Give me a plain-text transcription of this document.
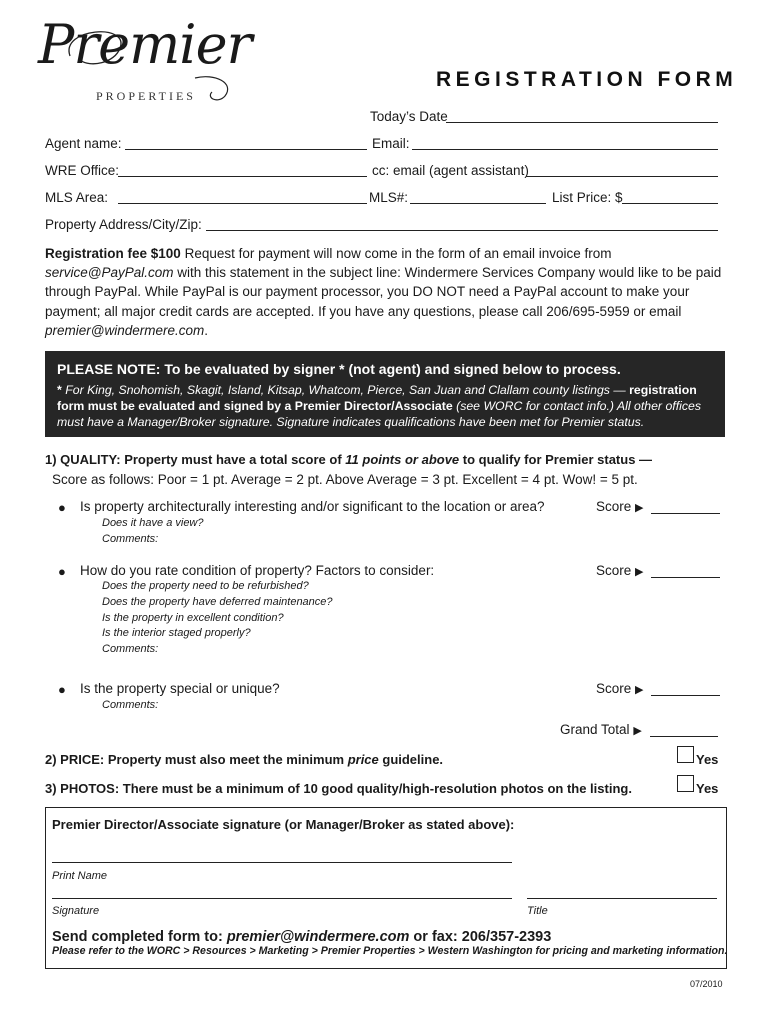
Premier
PROPERTIES
REGISTRATION FORM
Today’s Date
Agent name:	Email:
WRE Office:	cc: email (agent assistant)
MLS Area:	MLS#:	List Price: $
Property Address/City/Zip:
Registration fee $100 Request for payment will now come in the form of an email invoice from
service@PayPal.com with this statement in the subject line: Windermere Services Company would like to be paid through PayPal. While PayPal is our payment processor, you DO NOT need a PayPal account to make your payment; all major credit cards are accepted. If you have any questions, please call 206/695-5959 or email premier@windermere.com.
PLEASE NOTE: To be evaluated by signer * (not agent) and signed below to process.
* For King, Snohomish, Skagit, Island, Kitsap, Whatcom, Pierce, San Juan and Clallam county listings — registration form must be evaluated and signed by a Premier Director/Associate (see WORC for contact info.) All other offices must have a Manager/Broker signature. Signature indicates qualifications have been met for Premier status.
1) QUALITY: Property must have a total score of 11 points or above to qualify for Premier status —
Score as follows: Poor = 1 pt. Average = 2 pt. Above Average = 3 pt. Excellent = 4 pt. Wow! = 5 pt.
● Is property architecturally interesting and/or significant to the location or area?
Does it have a view?
Comments:
Score ▶
● How do you rate condition of property? Factors to consider:
Does the property need to be refurbished?
Does the property have deferred maintenance?
Is the property in excellent condition?
Is the interior staged properly?
Comments:
Score ▶
● Is the property special or unique?
Comments:
Score ▶
Grand Total ▶
2) PRICE: Property must also meet the minimum price guideline.	Yes
3) PHOTOS: There must be a minimum of 10 good quality/high-resolution photos on the listing.	Yes
Premier Director/Associate signature (or Manager/Broker as stated above):
Print Name
Signature	Title
Send completed form to: premier@windermere.com or fax: 206/357-2393
Please refer to the WORC > Resources > Marketing > Premier Properties > Western Washington for pricing and marketing information.
07/2010
